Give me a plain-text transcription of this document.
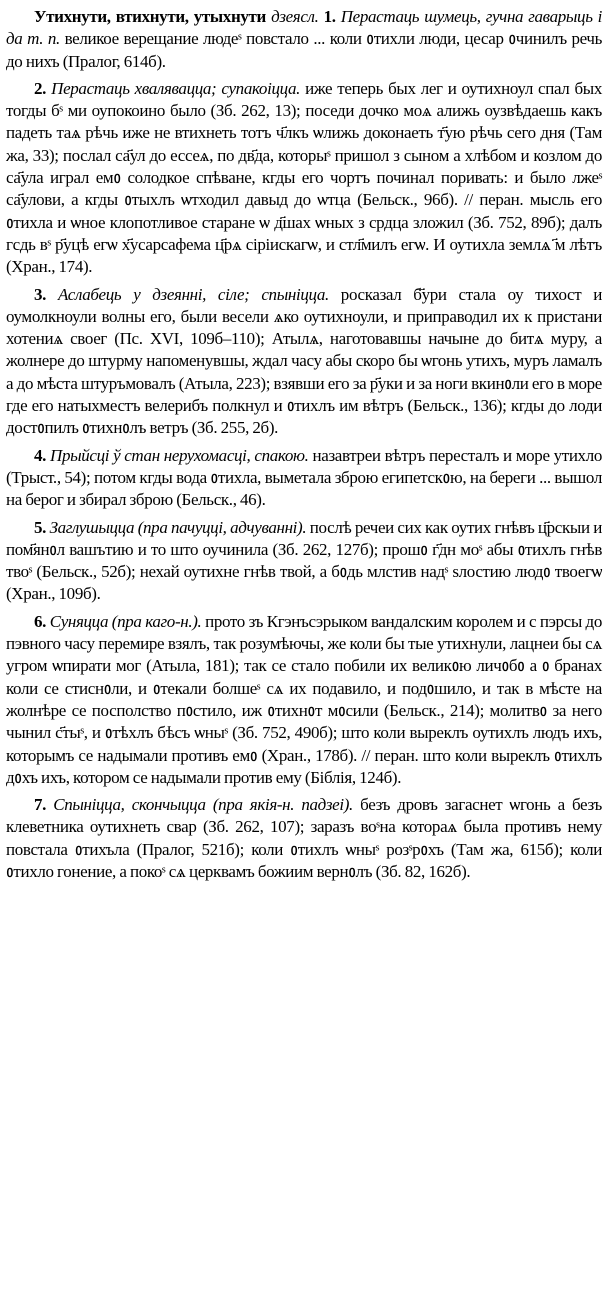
Утихнути, втихнути, утыхнути дзеясл. 1. Перастаць шумець, гучна гаварыць і да т. п. великое верещание людеˢ повстало ... коли ᲂтихли люди, цесар ᲂчинилъ речь до нихъ (Пралог, 614б).

2. Перастаць хваляваццa; супакоіцца. иже теперь бых лег и оутихноул спал бых тогды бˢ ми оупокоино было (Зб. 262, 13); поседи дочко моѧ алижь оузвѣдаешь какъ падеть таѧ рѣчь иже не втихнеть тотъ ч҃лкъ ѡлижь доконаеть т҃ую рѣчь сего дня (Там жа, 33); послал са҃ул до ессеѧ, по дв҃да, которыˢ пришол з сыном а хлѣбом и козлом до са҃ула играл емᲂ солодкое спѣване, кгды его чортъ починал поривать: и было лжеˢ са҃улови, а кгды ᲂтыхлъ ѡтходил давыд до ѡтца (Бельск., 96б). // перан. мысль его ᲂтихла и ѡное клопотливое старане ѡ д҃шах ѡных з срдца зложил (Зб. 752, 89б); далъ гсдь вˢ р҃уцѣ егѡ х҃усарсафема ц҃рѧ сіріискагѡ, и стл҃милъ егѡ. И оутихла землѧ ҃м лѣтъ (Хран., 174).

3. Аслабець у дзеянні, сіле; спыніцца. росказал б҃ури стала оу тихост и оумолкноули волны его, были весели ѧко оутихноули, и приправодил их к пристани хотениѧ своег (Пс. XVI, 109б–110); Атылѧ, наготовавшы начыне до битѧ муру, а жолнере до штурму напоменувшы, ждал часу абы скоро бы ѡгонь утихъ, муръ ламалъ а до мѣста штуръмовалъ (Атыла, 223); взявши его за р҃уки и за ноги вкинᲂли его в море где его натыхместъ велерибъ полкнул и ᲂтихлъ им вѣтръ (Бельск., 136); кгды до лоди достᲂпилъ ᲂтихнᲂлъ ветръ (Зб. 255, 2б).

4. Прыйсці ў стан нерухомасці, спакою. назавтреи вѣтръ пересталъ и море утихло (Трыст., 54); потом кгды вода ᲂтихла, выметала зброю египетскᲂю, на береги ... вышол на берог и збирал зброю (Бельск., 46).

5. Заглушыцца (пра пачуцці, адчуванні). послѣ речеи сих как оутих гнѣвъ ц҃рскыи и пом҃янᲂл вашътию и то што оучинила (Зб. 262, 127б); прошᲂ г҃дн моˢ абы ᲂтихлъ гнѣв твоˢ (Бельск., 52б); нехай оутихне гнѣв твой, а бᲂдь млстив надˢ ѕлостию людᲂ твоегѡ (Хран., 109б).

6. Суняцца (пра каго-н.). прото зъ Кгэнъсэрыком вандалским королем и с пэрсы до пэвного часу перемире взялъ, так розумѣючы, же коли бы тые утихнули, лацнеи бы сѧ угром ѡпирати мог (Атыла, 181); так се стало побили их великᲂю личᲂбᲂ а ᲂ бранах коли се стиснᲂли, и ᲂтекали болшеˢ сѧ их подавило, и подᲂшило, и так в мѣсте на жолнѣре се посполство пᲂстило, иж ᲂтихнᲂт мᲂсили (Бельск., 214); молитвᲂ за него чынил с҃тыˢ, и ᲂтѣхлъ бѣсъ ѡныˢ (Зб. 752, 490б); што коли выреклъ оутихлъ людъ ихъ, которымъ се надымали противъ емᲂ (Хран., 178б). // перан. што коли выреклъ ᲂтихлъ дᲂхъ ихъ, котором се надымали против ему (Біблія, 124б).

7. Спыніцца, скончыцца (пра якія-н. падзеі). безъ дровъ загаснет ѡгонь а безъ клеветника оутихнеть свар (Зб. 262, 107); заразъ воˢна котораѧ была противъ нему повстала ᲂтихъла (Пралог, 521б); коли ᲂтихлъ ѡныˢ розˢрᲂхъ (Там жа, 615б); коли ᲂтихло гонение, а покоˢ сѧ церквамъ божиим вернᲂлъ (Зб. 82, 162б).
